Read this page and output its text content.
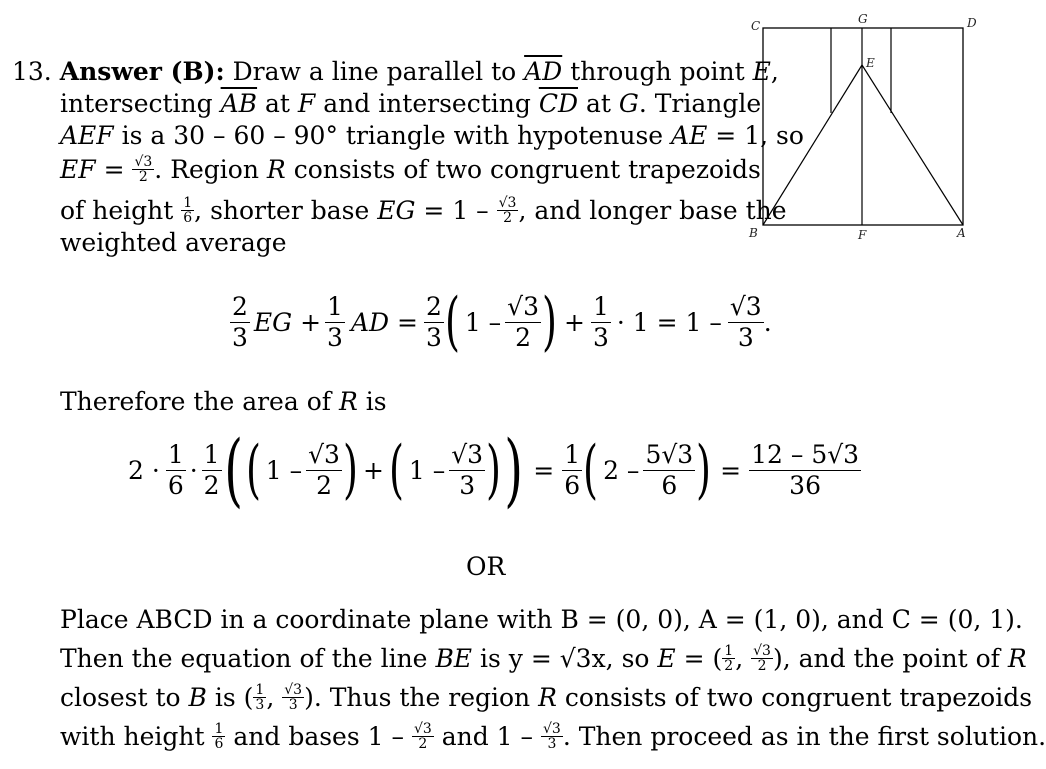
C	G	D
E
B	F	A
13. Answer (B): Draw a line parallel to $\overline{AD}$ through point E,
intersecting $\overline{AB}$ at F and intersecting $\overline{CD}$ at G. Triangle
AEF is a 30 – 60 – 90° triangle with hypotenuse AE = 1, so
EF = $\frac{√3}{2}$ . Region R consists of two congruent trapezoids
of height $\frac{1}{6}$ , shorter base EG = $1 - \frac{√3}{2}$ , and longer base the
weighted average
$\frac{2}{3}$ EG + $\frac{1}{3}$ AD = $\frac{2}{3}$ ( $1 - \frac{√3}{2}$ ) + $\frac{1}{3} \cdot 1 = 1 - \frac{√3}{3}$ .
Therefore the area of R is
$2 \cdot \frac{1}{6} \cdot \frac{1}{2}$ ( ( $1 - \frac{√3}{2}$ ) + ( $1 - \frac{√3}{3}$ ) ) = $\frac{1}{6}$ ( $2 - \frac{5√3}{6}$ ) = $\frac{12 - 5√3}{36}$
OR
Place ABCD in a coordinate plane with B = (0, 0), A = (1, 0), and C = (0, 1).
Then the equation of the line BE is y = √3x, so E = ( $\frac{1}{2}$ , $\frac{√3}{2}$ ), and the point of R
closest to B is ( $\frac{1}{3}$ , $\frac{√3}{3}$ ). Thus the region R consists of two congruent trapezoids
with height $\frac{1}{6}$ and bases $1 - \frac{√3}{2}$ and $1 - \frac{√3}{3}$ . Then proceed as in the first solution.
